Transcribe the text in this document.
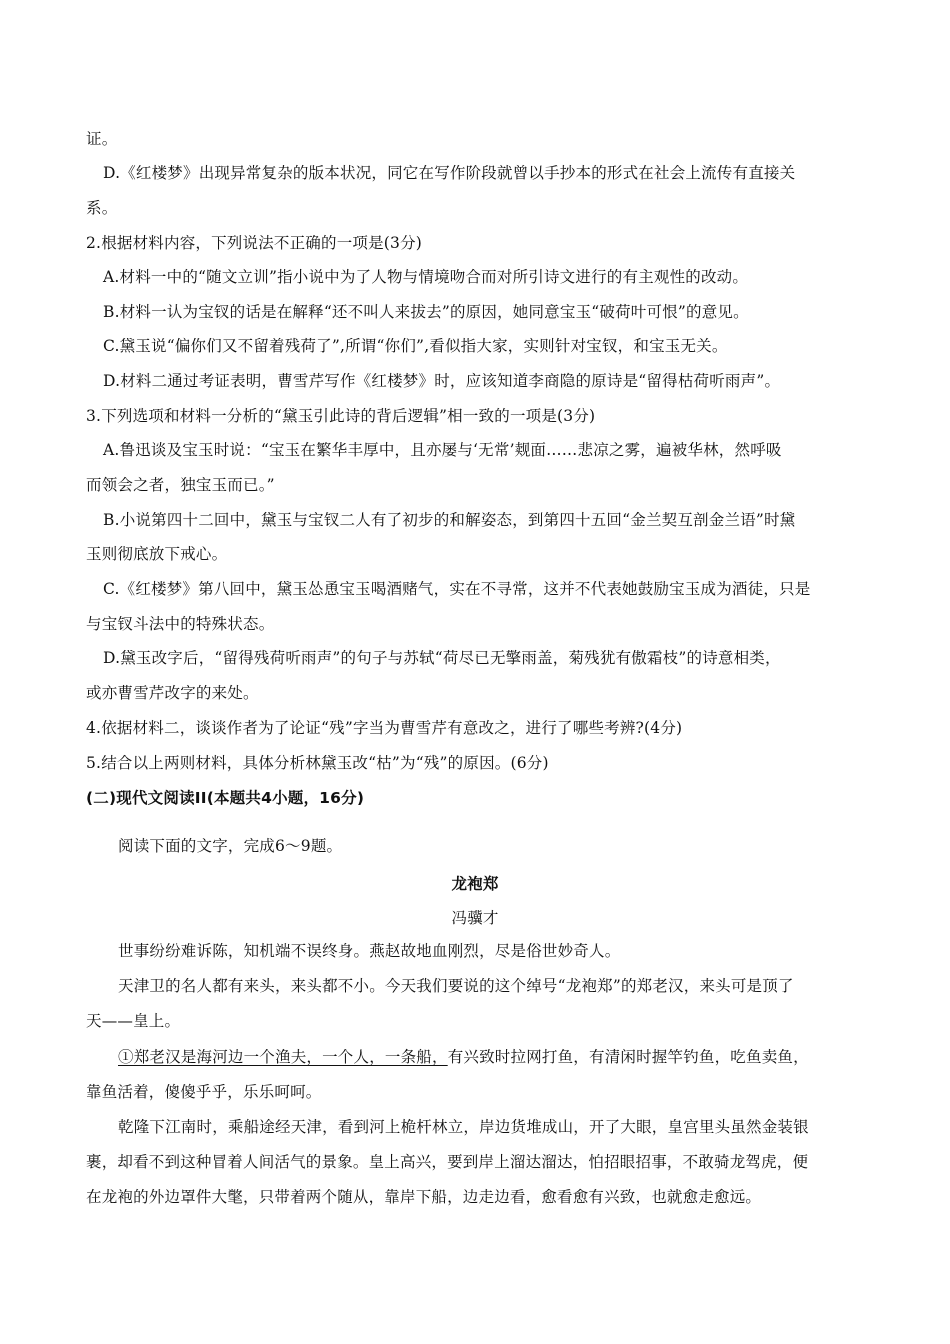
证。
D.《红楼梦》出现异常复杂的版本状况，同它在写作阶段就曾以手抄本的形式在社会上流传有直接关
系。
2.根据材料内容，下列说法不正确的一项是(3分)
A.材料一中的“随文立训”指小说中为了人物与情境吻合而对所引诗文进行的有主观性的改动。
B.材料一认为宝钗的话是在解释“还不叫人来拔去”的原因，她同意宝玉“破荷叶可恨”的意见。
C.黛玉说“偏你们又不留着残荷了”,所谓“你们”,看似指大家，实则针对宝钗，和宝玉无关。
D.材料二通过考证表明，曹雪芹写作《红楼梦》时，应该知道李商隐的原诗是“留得枯荷听雨声”。
3.下列选项和材料一分析的“黛玉引此诗的背后逻辑”相一致的一项是(3分)
A.鲁迅谈及宝玉时说：“宝玉在繁华丰厚中，且亦屡与‘无常’觌面……悲凉之雾，遍被华林，然呼吸
而领会之者，独宝玉而已。”
B.小说第四十二回中，黛玉与宝钗二人有了初步的和解姿态，到第四十五回“金兰契互剖金兰语”时黛
玉则彻底放下戒心。
C.《红楼梦》第八回中，黛玉怂恿宝玉喝酒赌气，实在不寻常，这并不代表她鼓励宝玉成为酒徒，只是
与宝钗斗法中的特殊状态。
D.黛玉改字后，“留得残荷听雨声”的句子与苏轼“荷尽已无擎雨盖，菊残犹有傲霜枝”的诗意相类，
或亦曹雪芹改字的来处。
4.依据材料二，谈谈作者为了论证“残”字当为曹雪芹有意改之，进行了哪些考辨?(4分)
5.结合以上两则材料，具体分析林黛玉改“枯”为“残”的原因。(6分)
(二)现代文阅读II(本题共4小题，16分)
阅读下面的文字，完成6～9题。
龙袍郑
冯骥才
世事纷纷难诉陈，知机端不误终身。燕赵故地血刚烈，尽是俗世妙奇人。
天津卫的名人都有来头，来头都不小。今天我们要说的这个绰号“龙袍郑”的郑老汉，来头可是顶了
天——皇上。
①郑老汉是海河边一个渔夫，一个人，一条船，有兴致时拉网打鱼，有清闲时握竿钓鱼，吃鱼卖鱼，
靠鱼活着，傻傻乎乎，乐乐呵呵。
乾隆下江南时，乘船途经天津，看到河上桅杆林立，岸边货堆成山，开了大眼，皇宫里头虽然金装银
裹，却看不到这种冒着人间活气的景象。皇上高兴，要到岸上溜达溜达，怕招眼招事，不敢骑龙驾虎，便
在龙袍的外边罩件大氅，只带着两个随从，靠岸下船，边走边看，愈看愈有兴致，也就愈走愈远。
